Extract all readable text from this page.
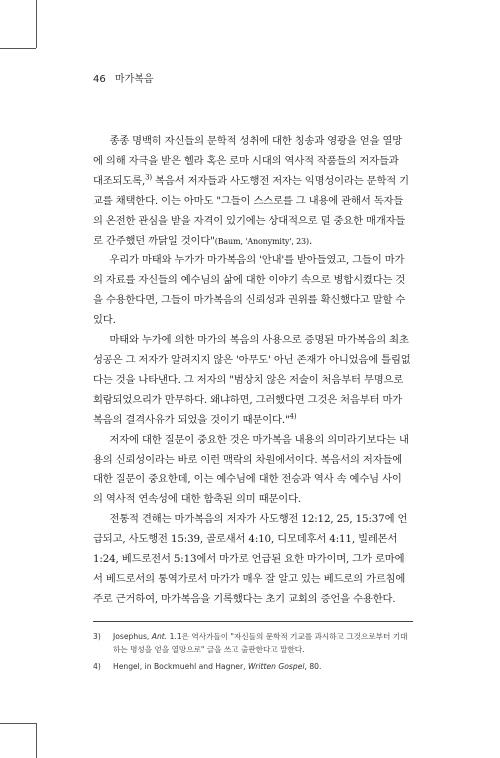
46 마가복음

종종 명백히 자신들의 문학적 성취에 대한 칭송과 영광을 얻을 열망에 의해 자극을 받은 헬라 혹은 로마 시대의 역사적 작품들의 저자들과 대조되도록,$^{3)}$ 복음서 저자들과 사도행전 저자는 익명성이라는 문학적 기교를 채택한다. 이는 아마도 "그들이 스스로를 그 내용에 관해서 독자들의 온전한 관심을 받을 자격이 있기에는 상대적으로 덜 중요한 매개자들로 간주했던 까닭일 것이다"(Baum, 'Anonymity', 23).

우리가 마태와 누가가 마가복음의 '안내'를 받아들였고, 그들이 마가의 자료를 자신들의 예수님의 삶에 대한 이야기 속으로 병합시켰다는 것을 수용한다면, 그들이 마가복음의 신뢰성과 권위를 확신했다고 말할 수 있다.

마태와 누가에 의한 마가의 복음의 사용으로 증명된 마가복음의 최초 성공은 그 저자가 알려지지 않은 '아무도' 아닌 존재가 아니었음에 틀림없다는 것을 나타낸다. 그 저자의 "범상치 않은 저술이 처음부터 무명으로 회람되었으리가 만무하다. 왜냐하면, 그러했다면 그것은 처음부터 마가복음의 결격사유가 되었을 것이기 때문이다."$^{4)}$

저자에 대한 질문이 중요한 것은 마가복음 내용의 의미라기보다는 내용의 신뢰성이라는 바로 이런 맥락의 차원에서이다. 복음서의 저자들에 대한 질문이 중요한데, 이는 예수님에 대한 전승과 역사 속 예수님 사이의 역사적 연속성에 대한 함축된 의미 때문이다.

전통적 견해는 마가복음의 저자가 사도행전 12:12, 25, 15:37에 언급되고, 사도행전 15:39, 골로새서 4:10, 디모데후서 4:11, 빌레몬서 1:24, 베드로전서 5:13에서 마가로 언급된 요한 마가이며, 그가 로마에서 베드로서의 통역가로서 마가가 매우 잘 알고 있는 베드로의 가르침에 주로 근거하여, 마가복음을 기록했다는 초기 교회의 증언을 수용한다.

3)	Josephus, Ant. 1.1은 역사가들이 "자신들의 문학적 기교를 과시하고 그것으로부터 기대하는 명성을 얻을 열망으로" 글을 쓰고 출판한다고 말한다.
4)	Hengel, in Bockmuehl and Hagner, Written Gospel, 80.
